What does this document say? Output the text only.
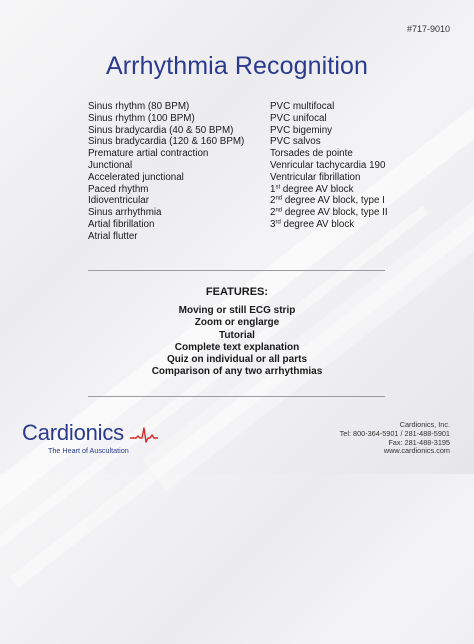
#717-9010
Arrhythmia Recognition
Sinus rhythm (80 BPM)
Sinus rhythm (100 BPM)
Sinus bradycardia (40 & 50 BPM)
Sinus bradycardia (120 & 160 BPM)
Premature artial contraction
Junctional
Accelerated junctional
Paced rhythm
Idioventricular
Sinus arrhythmia
Artial fibrillation
Atrial flutter
PVC multifocal
PVC unifocal
PVC bigeminy
PVC salvos
Torsades de pointe
Venricular tachycardia 190
Ventricular fibrillation
1st degree AV block
2nd degree AV block, type I
2nd degree AV block, type II
3rd degree AV block
FEATURES:
Moving or still ECG strip
Zoom or englarge
Tutorial
Complete text explanation
Quiz on individual or all parts
Comparison of any two arrhythmias
Cardionics
The Heart of Auscultation
Cardionics, Inc.
Tel: 800-364-5901 / 281-488-5901
Fax: 281-488-3195
www.cardionics.com
